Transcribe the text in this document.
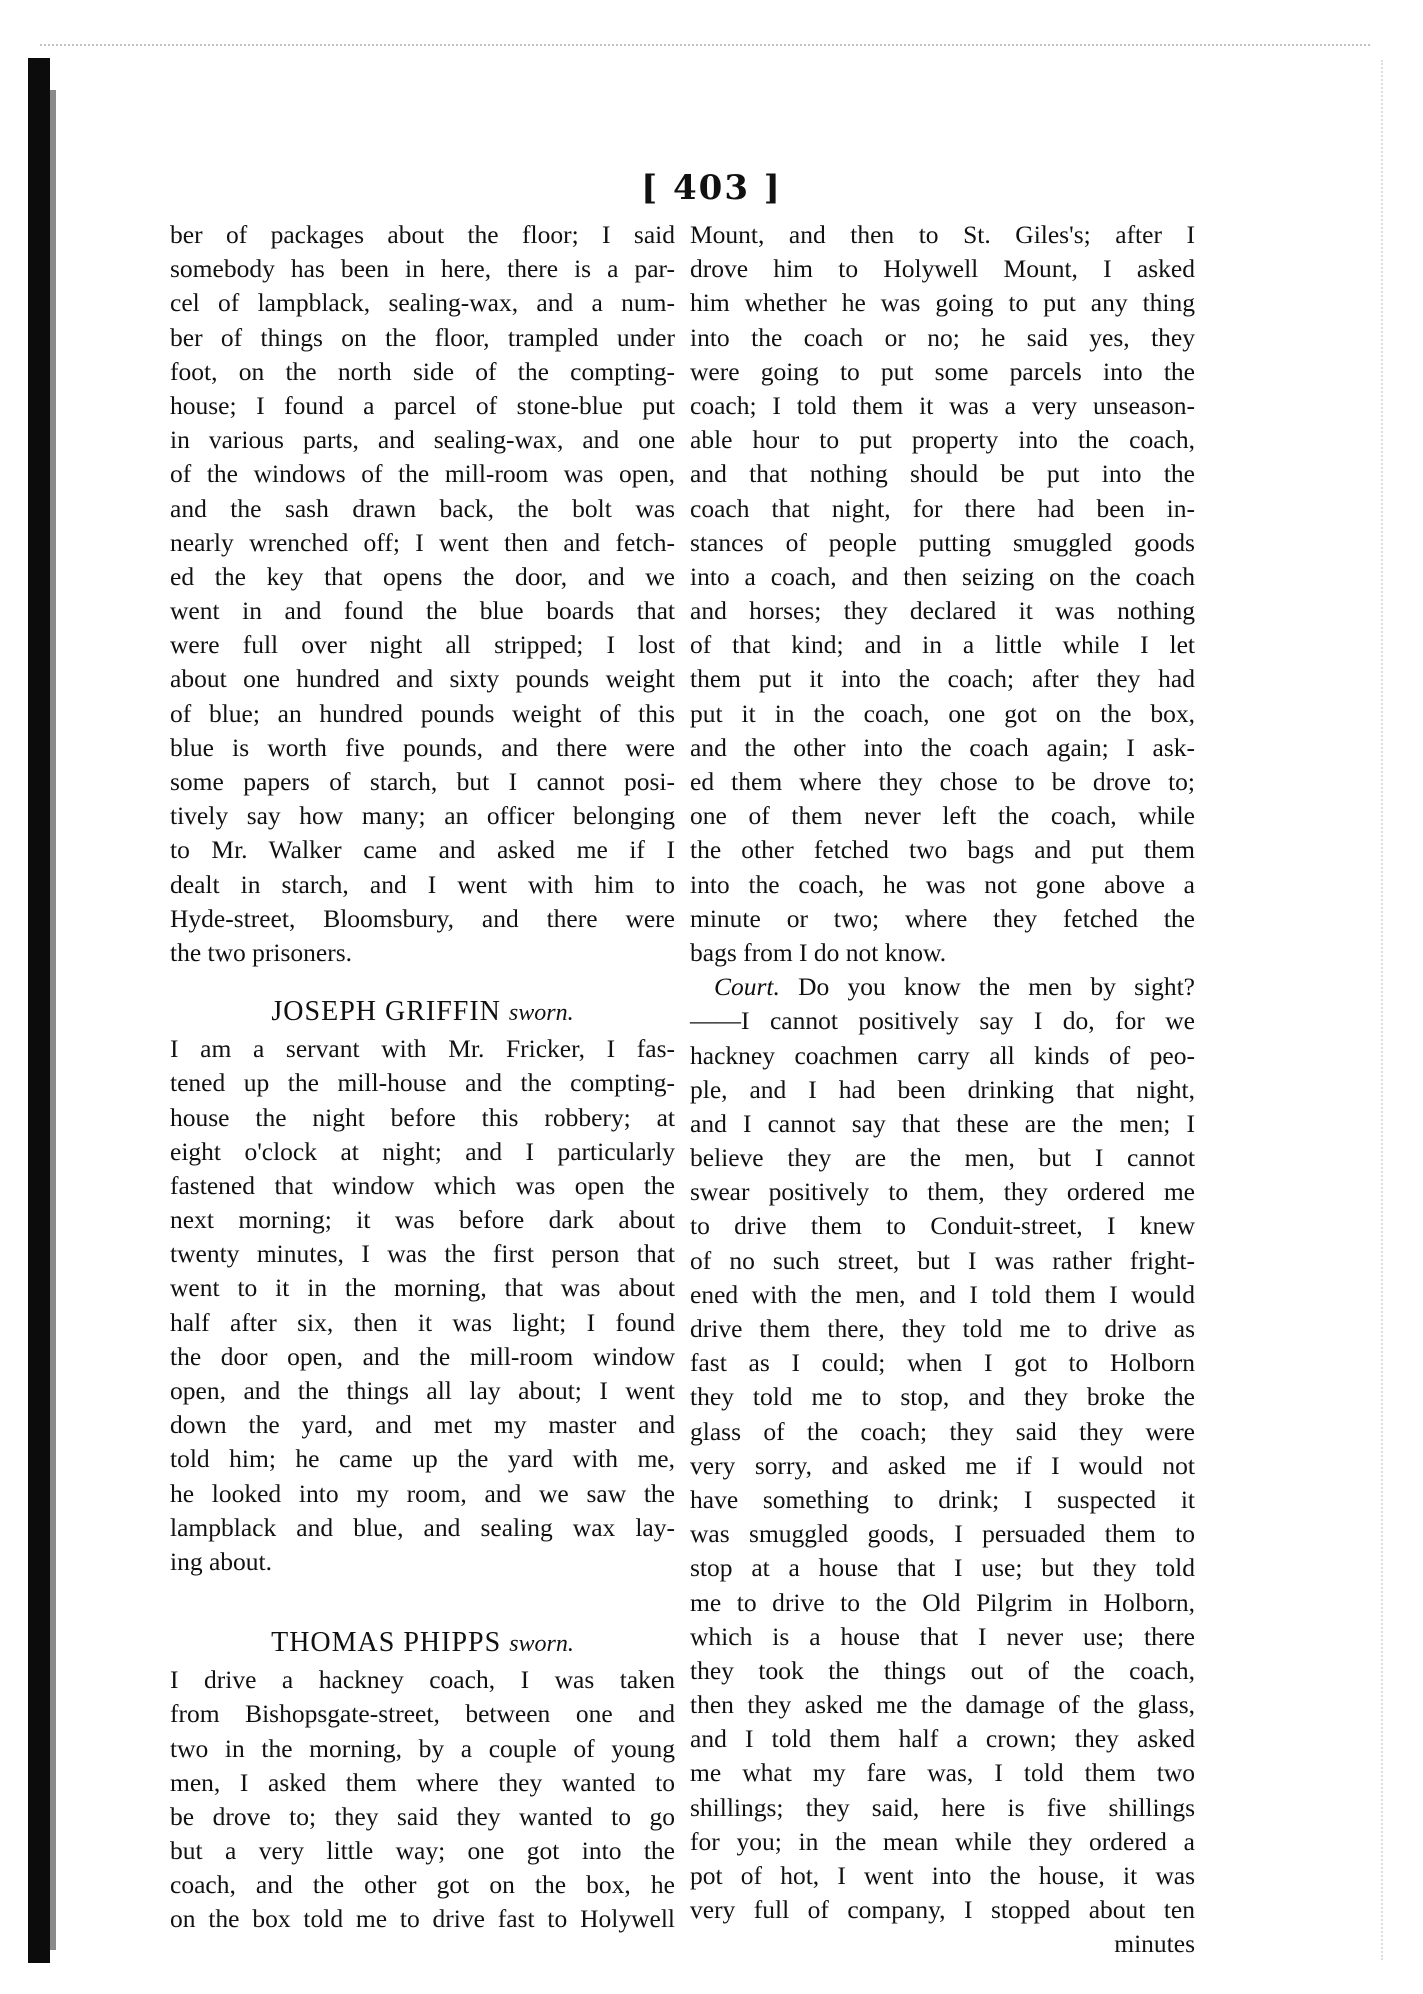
[ 403 ]
ber of packages about the floor; I said
somebody has been in here, there is a par-
cel of lampblack, sealing-wax, and a num-
ber of things on the floor, trampled under
foot, on the north side of the compting-
house; I found a parcel of stone-blue put
in various parts, and sealing-wax, and one
of the windows of the mill-room was open,
and the sash drawn back, the bolt was
nearly wrenched off; I went then and fetch-
ed the key that opens the door, and we
went in and found the blue boards that
were full over night all stripped; I lost
about one hundred and sixty pounds weight
of blue; an hundred pounds weight of this
blue is worth five pounds, and there were
some papers of starch, but I cannot posi-
tively say how many; an officer belonging
to Mr. Walker came and asked me if I
dealt in starch, and I went with him to
Hyde-street, Bloomsbury, and there were
the two prisoners.
JOSEPH GRIFFIN sworn.
I am a servant with Mr. Fricker, I fas-
tened up the mill-house and the compting-
house the night before this robbery; at
eight o'clock at night; and I particularly
fastened that window which was open the
next morning; it was before dark about
twenty minutes, I was the first person that
went to it in the morning, that was about
half after six, then it was light; I found
the door open, and the mill-room window
open, and the things all lay about; I went
down the yard, and met my master and
told him; he came up the yard with me,
he looked into my room, and we saw the
lampblack and blue, and sealing wax lay-
ing about.
THOMAS PHIPPS sworn.
I drive a hackney coach, I was taken
from Bishopsgate-street, between one and
two in the morning, by a couple of young
men, I asked them where they wanted to
be drove to; they said they wanted to go
but a very little way; one got into the
coach, and the other got on the box, he
on the box told me to drive fast to Holywell
Mount, and then to St. Giles's; after I
drove him to Holywell Mount, I asked
him whether he was going to put any thing
into the coach or no; he said yes, they
were going to put some parcels into the
coach; I told them it was a very unseason-
able hour to put property into the coach,
and that nothing should be put into the
coach that night, for there had been in-
stances of people putting smuggled goods
into a coach, and then seizing on the coach
and horses; they declared it was nothing
of that kind; and in a little while I let
them put it into the coach; after they had
put it in the coach, one got on the box,
and the other into the coach again; I ask-
ed them where they chose to be drove to;
one of them never left the coach, while
the other fetched two bags and put them
into the coach, he was not gone above a
minute or two; where they fetched the
bags from I do not know.
Court. Do you know the men by sight?
——I cannot positively say I do, for we
hackney coachmen carry all kinds of peo-
ple, and I had been drinking that night,
and I cannot say that these are the men; I
believe they are the men, but I cannot
swear positively to them, they ordered me
to drive them to Conduit-street, I knew
of no such street, but I was rather fright-
ened with the men, and I told them I would
drive them there, they told me to drive as
fast as I could; when I got to Holborn
they told me to stop, and they broke the
glass of the coach; they said they were
very sorry, and asked me if I would not
have something to drink; I suspected it
was smuggled goods, I persuaded them to
stop at a house that I use; but they told
me to drive to the Old Pilgrim in Holborn,
which is a house that I never use; there
they took the things out of the coach,
then they asked me the damage of the glass,
and I told them half a crown; they asked
me what my fare was, I told them two
shillings; they said, here is five shillings
for you; in the mean while they ordered a
pot of hot, I went into the house, it was
very full of company, I stopped about ten
minutes
